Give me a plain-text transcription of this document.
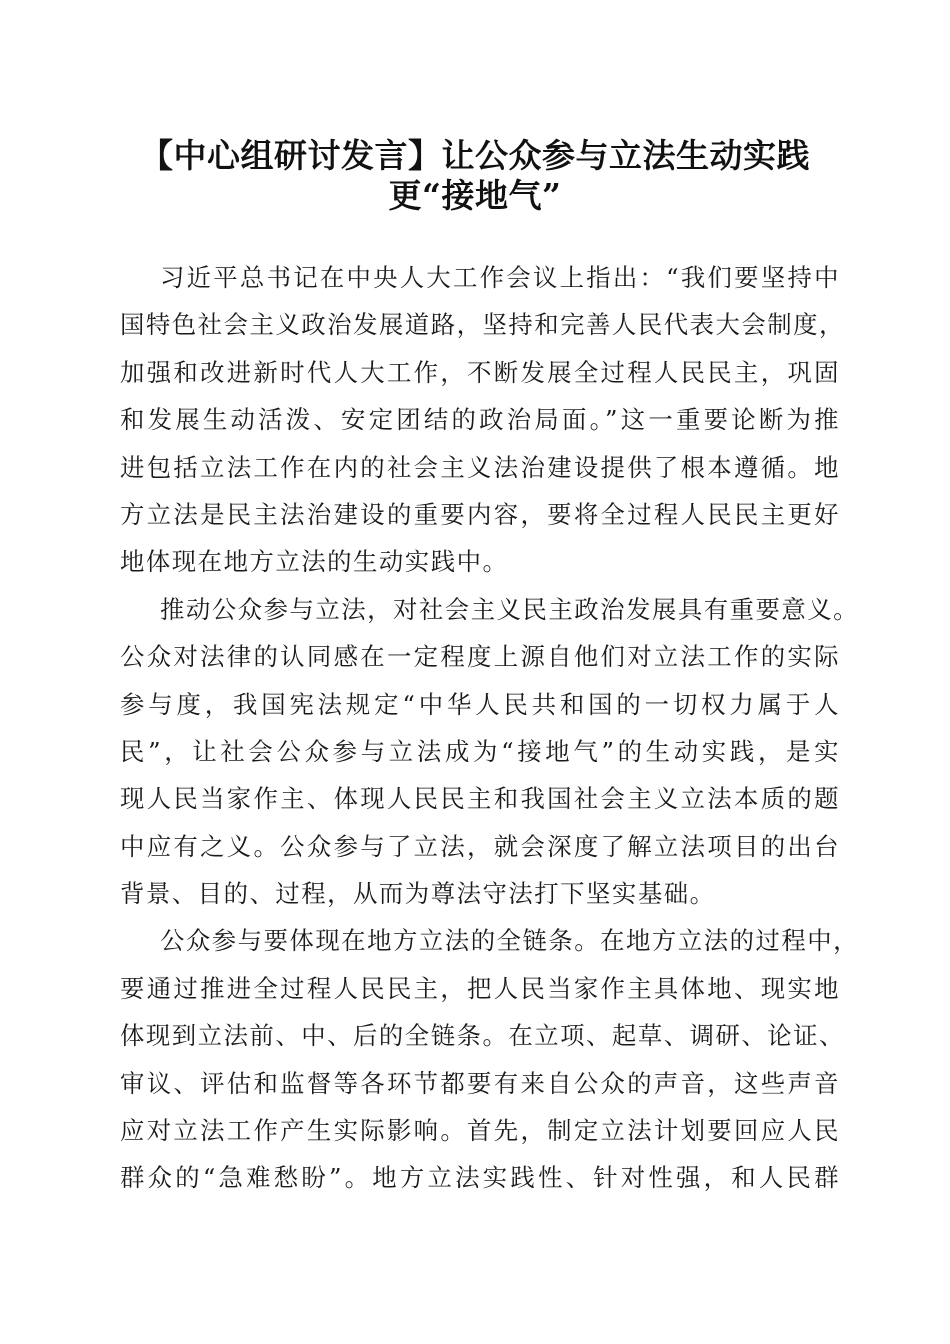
【中心组研讨发言】让公众参与立法生动实践
更“接地气”
习近平总书记在中央人大工作会议上指出：“我们要坚持中
国特色社会主义政治发展道路，坚持和完善人民代表大会制度，
加强和改进新时代人大工作，不断发展全过程人民民主，巩固
和发展生动活泼、安定团结的政治局面。”这一重要论断为推
进包括立法工作在内的社会主义法治建设提供了根本遵循。地
方立法是民主法治建设的重要内容，要将全过程人民民主更好
地体现在地方立法的生动实践中。
推动公众参与立法，对社会主义民主政治发展具有重要意义。
公众对法律的认同感在一定程度上源自他们对立法工作的实际
参与度，我国宪法规定“中华人民共和国的一切权力属于人
民”，让社会公众参与立法成为“接地气”的生动实践，是实
现人民当家作主、体现人民民主和我国社会主义立法本质的题
中应有之义。公众参与了立法，就会深度了解立法项目的出台
背景、目的、过程，从而为尊法守法打下坚实基础。
公众参与要体现在地方立法的全链条。在地方立法的过程中，
要通过推进全过程人民民主，把人民当家作主具体地、现实地
体现到立法前、中、后的全链条。在立项、起草、调研、论证、
审议、评估和监督等各环节都要有来自公众的声音，这些声音
应对立法工作产生实际影响。首先，制定立法计划要回应人民
群众的“急难愁盼”。地方立法实践性、针对性强，和人民群
